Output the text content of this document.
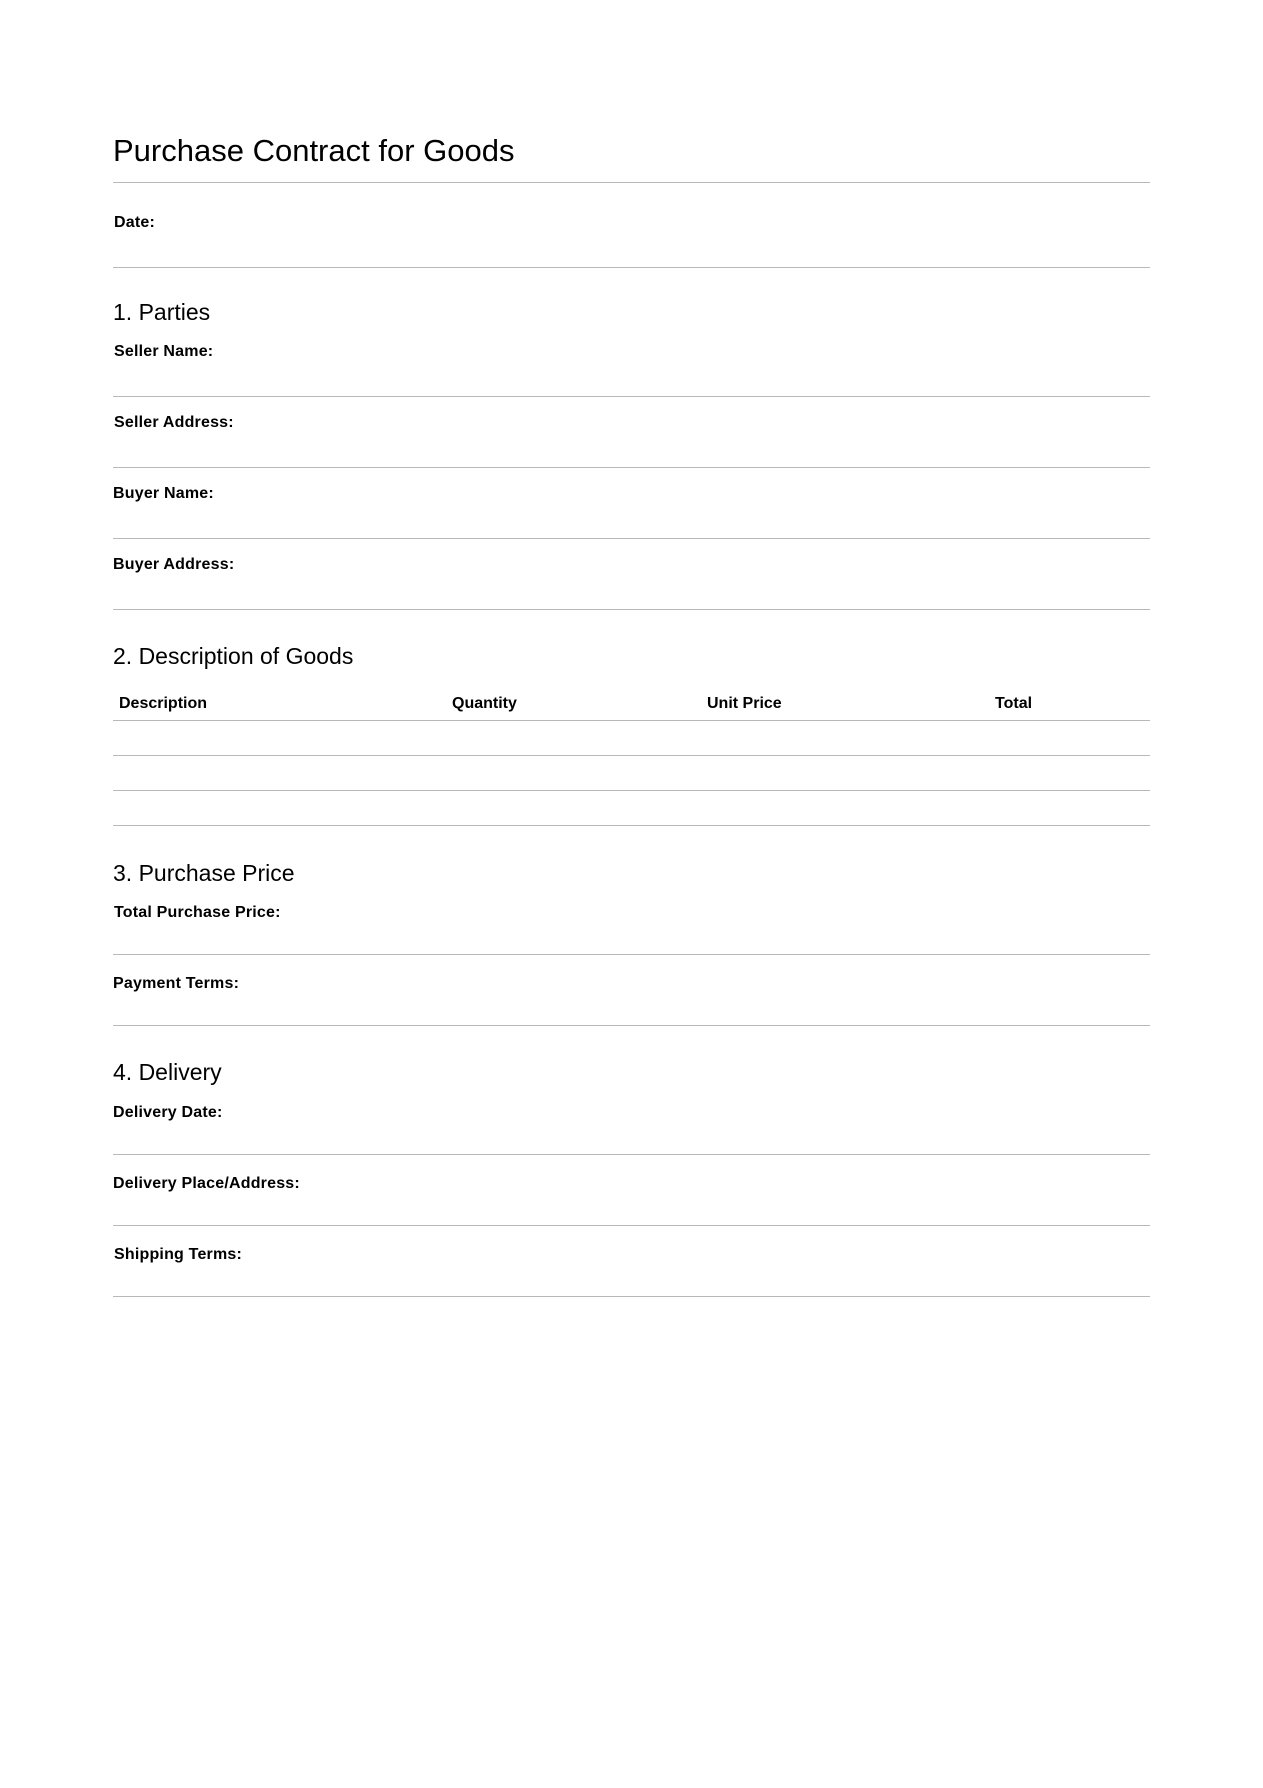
Purchase Contract for Goods
Date:
1. Parties
Seller Name:
Seller Address:
Buyer Name:
Buyer Address:
2. Description of Goods
Description	Quantity	Unit Price	Total
3. Purchase Price
Total Purchase Price:
Payment Terms:
4. Delivery
Delivery Date:
Delivery Place/Address:
Shipping Terms:
